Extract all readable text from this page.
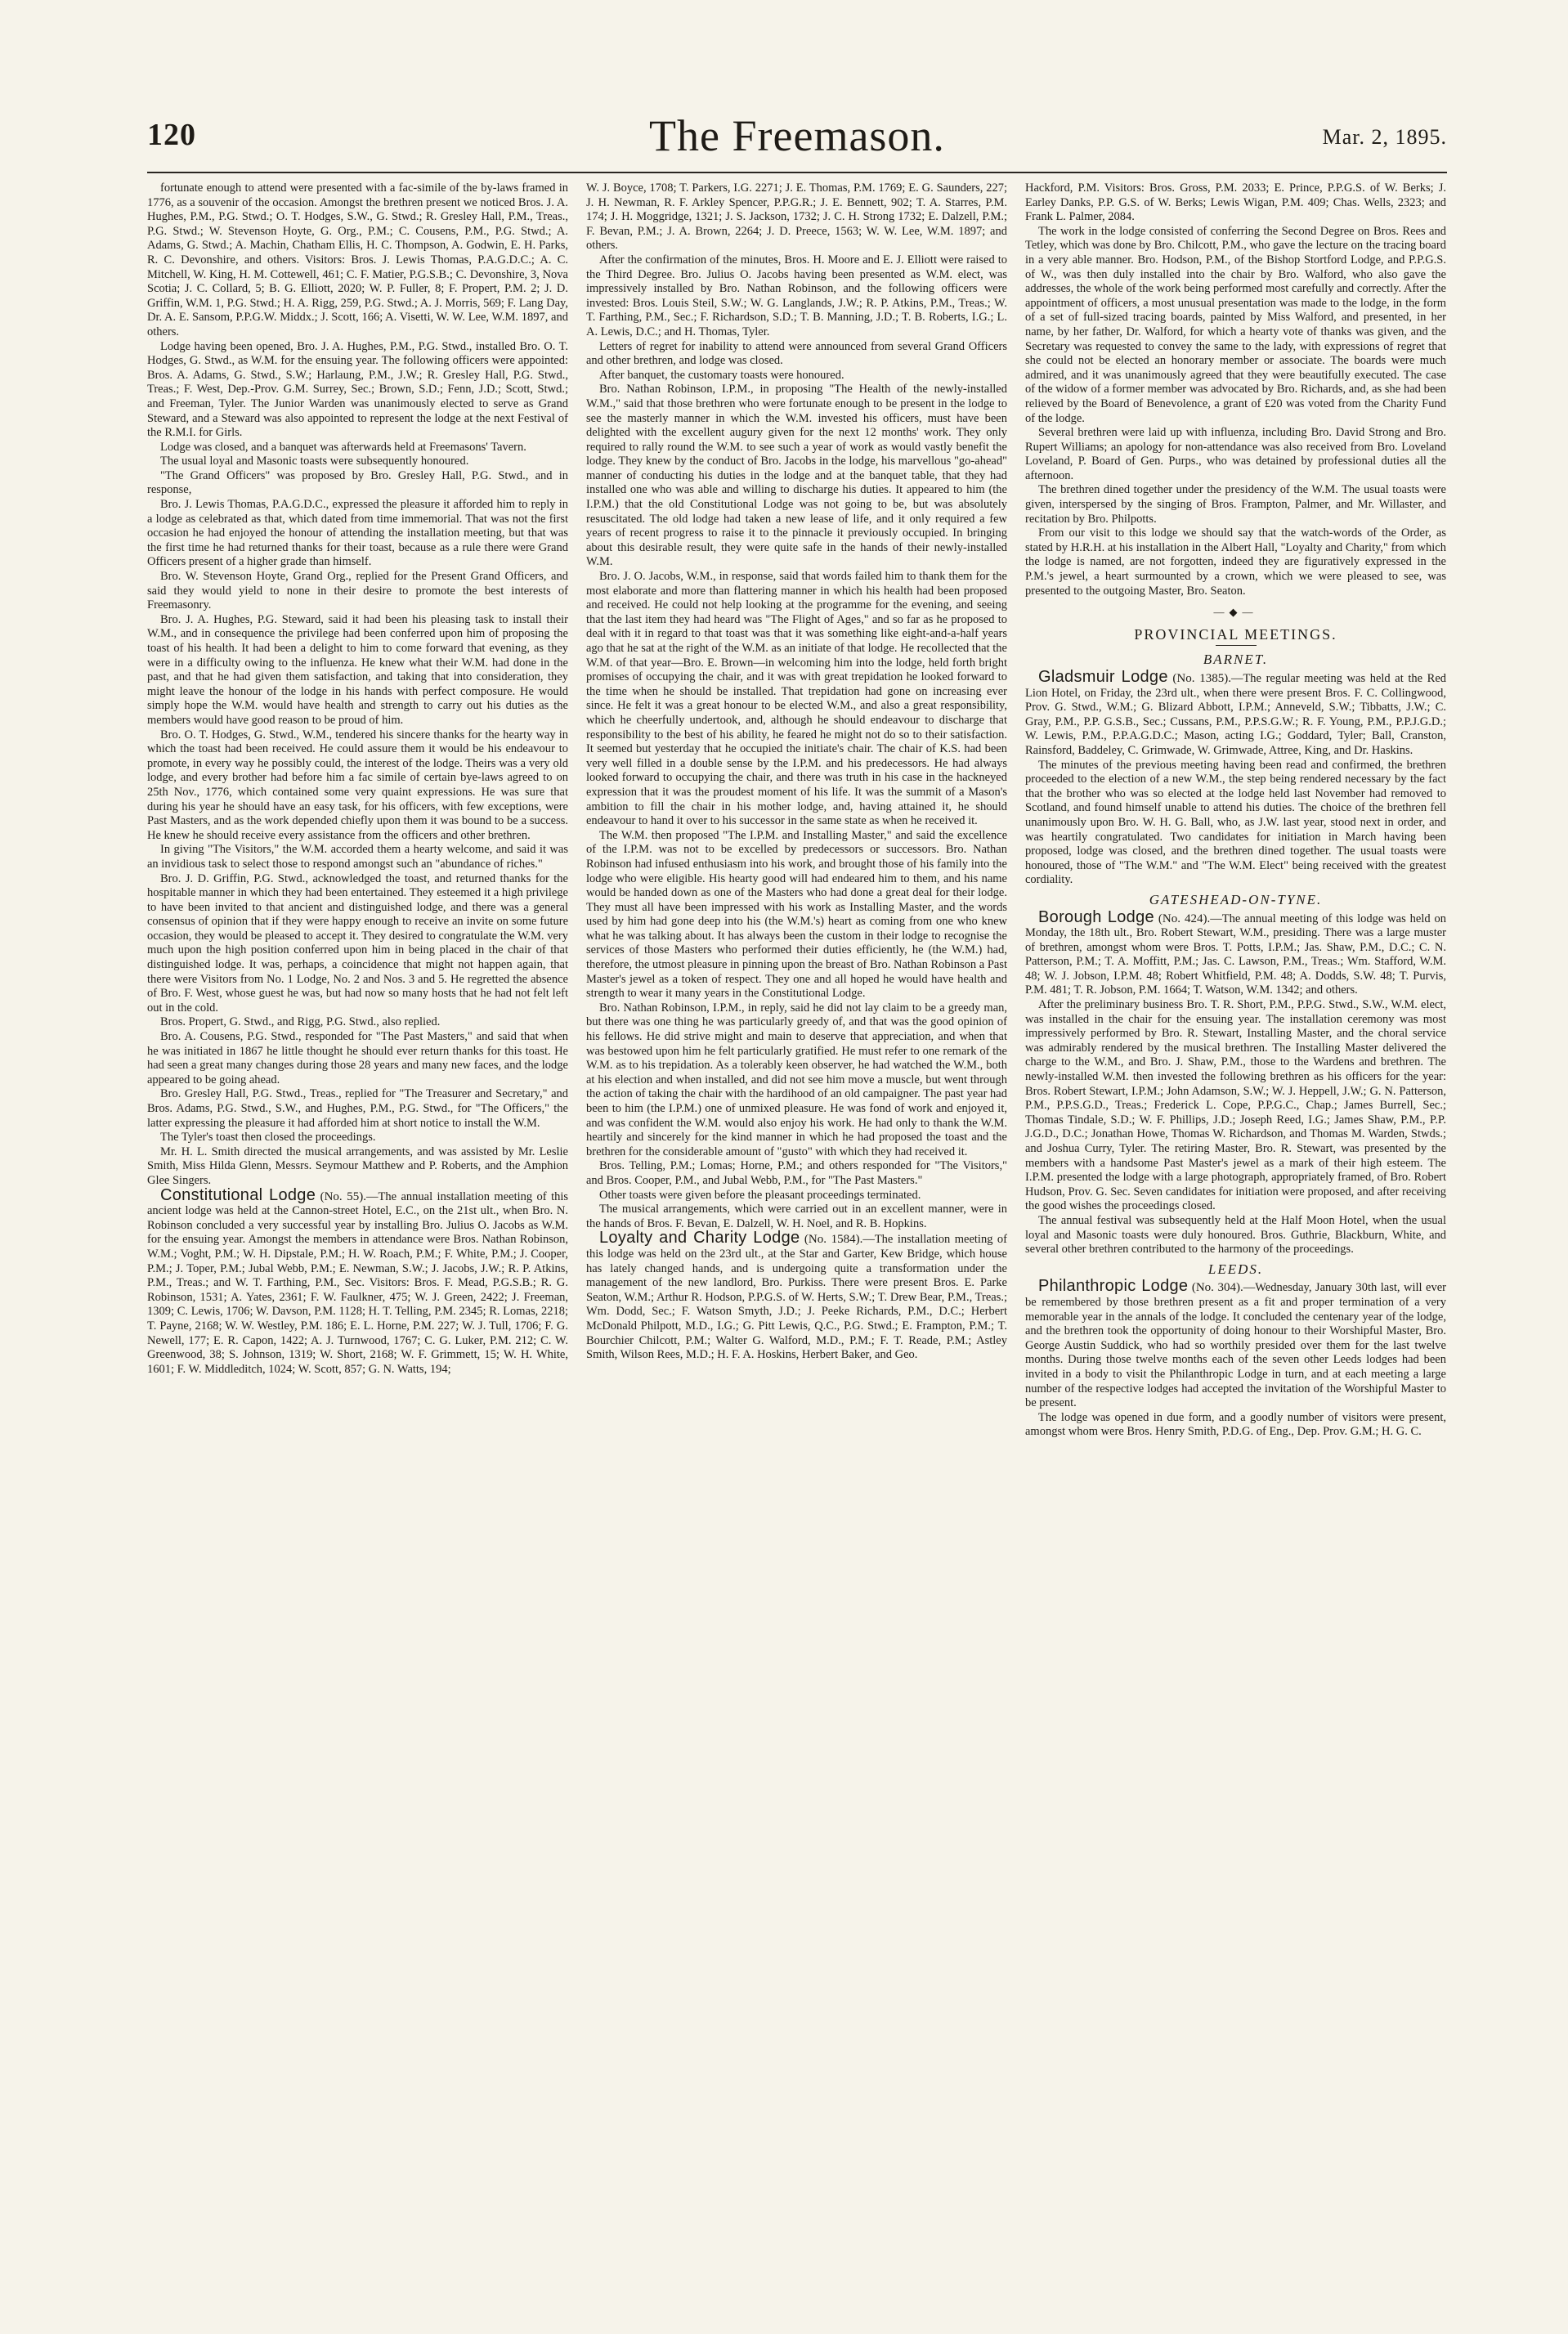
120	The Freemason.	Mar. 2, 1895.

fortunate enough to attend were presented with a fac-simile of the by-laws framed in 1776, as a souvenir of the occasion. Amongst the brethren present we noticed Bros. J. A. Hughes, P.M., P.G. Stwd.; O. T. Hodges, S.W., G. Stwd.; R. Gresley Hall, P.M., Treas., P.G. Stwd.; W. Stevenson Hoyte, G. Org., P.M.; C. Cousens, P.M., P.G. Stwd.; A. Adams, G. Stwd.; A. Machin, Chatham Ellis, H. C. Thompson, A. Godwin, E. H. Parks, R. C. Devonshire, and others. Visitors: Bros. J. Lewis Thomas, P.A.G.D.C.; A. C. Mitchell, W. King, H. M. Cottewell, 461; C. F. Matier, P.G.S.B.; C. Devonshire, 3, Nova Scotia; J. C. Collard, 5; B. G. Elliott, 2020; W. P. Fuller, 8; F. Propert, P.M. 2; J. D. Griffin, W.M. 1, P.G. Stwd.; H. A. Rigg, 259, P.G. Stwd.; A. J. Morris, 569; F. Lang Day, Dr. A. E. Sansom, P.P.G.W. Middx.; J. Scott, 166; A. Visetti, W. W. Lee, W.M. 1897, and others.

Lodge having been opened, Bro. J. A. Hughes, P.M., P.G. Stwd., installed Bro. O. T. Hodges, G. Stwd., as W.M. for the ensuing year. The following officers were appointed: Bros. A. Adams, G. Stwd., S.W.; Harlaung, P.M., J.W.; R. Gresley Hall, P.G. Stwd., Treas.; F. West, Dep.-Prov. G.M. Surrey, Sec.; Brown, S.D.; Fenn, J.D.; Scott, Stwd.; and Freeman, Tyler. The Junior Warden was unanimously elected to serve as Grand Steward, and a Steward was also appointed to represent the lodge at the next Festival of the R.M.I. for Girls.

Lodge was closed, and a banquet was afterwards held at Freemasons' Tavern.

The usual loyal and Masonic toasts were subsequently honoured.

"The Grand Officers" was proposed by Bro. Gresley Hall, P.G. Stwd., and in response,

Bro. J. Lewis Thomas, P.A.G.D.C., expressed the pleasure it afforded him to reply in a lodge as celebrated as that, which dated from time immemorial. That was not the first occasion he had enjoyed the honour of attending the installation meeting, but that was the first time he had returned thanks for their toast, because as a rule there were Grand Officers present of a higher grade than himself.

Bro. W. Stevenson Hoyte, Grand Org., replied for the Present Grand Officers, and said they would yield to none in their desire to promote the best interests of Freemasonry.

Bro. J. A. Hughes, P.G. Steward, said it had been his pleasing task to install their W.M., and in consequence the privilege had been conferred upon him of proposing the toast of his health. It had been a delight to him to come forward that evening, as they were in a difficulty owing to the influenza. He knew what their W.M. had done in the past, and that he had given them satisfaction, and taking that into consideration, they might leave the honour of the lodge in his hands with perfect composure. He would simply hope the W.M. would have health and strength to carry out his duties as the members would have good reason to be proud of him.

Bro. O. T. Hodges, G. Stwd., W.M., tendered his sincere thanks for the hearty way in which the toast had been received. He could assure them it would be his endeavour to promote, in every way he possibly could, the interest of the lodge. Theirs was a very old lodge, and every brother had before him a fac simile of certain bye-laws agreed to on 25th Nov., 1776, which contained some very quaint expressions. He was sure that during his year he should have an easy task, for his officers, with few exceptions, were Past Masters, and as the work depended chiefly upon them it was bound to be a success. He knew he should receive every assistance from the officers and other brethren.

In giving "The Visitors," the W.M. accorded them a hearty welcome, and said it was an invidious task to select those to respond amongst such an "abundance of riches."

Bro. J. D. Griffin, P.G. Stwd., acknowledged the toast, and returned thanks for the hospitable manner in which they had been entertained. They esteemed it a high privilege to have been invited to that ancient and distinguished lodge, and there was a general consensus of opinion that if they were happy enough to receive an invite on some future occasion, they would be pleased to accept it. They desired to congratulate the W.M. very much upon the high position conferred upon him in being placed in the chair of that distinguished lodge. It was, perhaps, a coincidence that might not happen again, that there were Visitors from No. 1 Lodge, No. 2 and Nos. 3 and 5. He regretted the absence of Bro. F. West, whose guest he was, but had now so many hosts that he had not felt left out in the cold.

Bros. Propert, G. Stwd., and Rigg, P.G. Stwd., also replied.

Bro. A. Cousens, P.G. Stwd., responded for "The Past Masters," and said that when he was initiated in 1867 he little thought he should ever return thanks for this toast. He had seen a great many changes during those 28 years and many new faces, and the lodge appeared to be going ahead.

Bro. Gresley Hall, P.G. Stwd., Treas., replied for "The Treasurer and Secretary," and Bros. Adams, P.G. Stwd., S.W., and Hughes, P.M., P.G. Stwd., for "The Officers," the latter expressing the pleasure it had afforded him at short notice to install the W.M.

The Tyler's toast then closed the proceedings.

Mr. H. L. Smith directed the musical arrangements, and was assisted by Mr. Leslie Smith, Miss Hilda Glenn, Messrs. Seymour Matthew and P. Roberts, and the Amphion Glee Singers.

Constitutional Lodge (No. 55).—The annual installation meeting of this ancient lodge was held at the Cannon-street Hotel, E.C., on the 21st ult., when Bro. N. Robinson concluded a very successful year by installing Bro. Julius O. Jacobs as W.M. for the ensuing year. Amongst the members in attendance were Bros. Nathan Robinson, W.M.; Voght, P.M.; W. H. Dipstale, P.M.; H. W. Roach, P.M.; F. White, P.M.; J. Cooper, P.M.; J. Toper, P.M.; Jubal Webb, P.M.; E. Newman, S.W.; J. Jacobs, J.W.; R. P. Atkins, P.M., Treas.; and W. T. Farthing, P.M., Sec. Visitors: Bros. F. Mead, P.G.S.B.; R. G. Robinson, 1531; A. Yates, 2361; F. W. Faulkner, 475; W. J. Green, 2422; J. Freeman, 1309; C. Lewis, 1706; W. Davson, P.M. 1128; H. T. Telling, P.M. 2345; R. Lomas, 2218; T. Payne, 2168; W. W. Westley, P.M. 186; E. L. Horne, P.M. 227; W. J. Tull, 1706; F. G. Newell, 177; E. R. Capon, 1422; A. J. Turnwood, 1767; C. G. Luker, P.M. 212; C. W. Greenwood, 38; S. Johnson, 1319; W. Short, 2168; W. F. Grimmett, 15; W. H. White, 1601; F. W. Middleditch, 1024; W. Scott, 857; G. N. Watts, 194;

W. J. Boyce, 1708; T. Parkers, I.G. 2271; J. E. Thomas, P.M. 1769; E. G. Saunders, 227; J. H. Newman, R. F. Arkley Spencer, P.P.G.R.; J. E. Bennett, 902; T. A. Starres, P.M. 174; J. H. Moggridge, 1321; J. S. Jackson, 1732; J. C. H. Strong 1732; E. Dalzell, P.M.; F. Bevan, P.M.; J. A. Brown, 2264; J. D. Preece, 1563; W. W. Lee, W.M. 1897; and others.

After the confirmation of the minutes, Bros. H. Moore and E. J. Elliott were raised to the Third Degree. Bro. Julius O. Jacobs having been presented as W.M. elect, was impressively installed by Bro. Nathan Robinson, and the following officers were invested: Bros. Louis Steil, S.W.; W. G. Langlands, J.W.; R. P. Atkins, P.M., Treas.; W. T. Farthing, P.M., Sec.; F. Richardson, S.D.; T. B. Manning, J.D.; T. B. Roberts, I.G.; L. A. Lewis, D.C.; and H. Thomas, Tyler.

Letters of regret for inability to attend were announced from several Grand Officers and other brethren, and lodge was closed.

After banquet, the customary toasts were honoured.

Bro. Nathan Robinson, I.P.M., in proposing "The Health of the newly-installed W.M.," said that those brethren who were fortunate enough to be present in the lodge to see the masterly manner in which the W.M. invested his officers, must have been delighted with the excellent augury given for the next 12 months' work. They only required to rally round the W.M. to see such a year of work as would vastly benefit the lodge. They knew by the conduct of Bro. Jacobs in the lodge, his marvellous "go-ahead" manner of conducting his duties in the lodge and at the banquet table, that they had installed one who was able and willing to discharge his duties. It appeared to him (the I.P.M.) that the old Constitutional Lodge was not going to be, but was absolutely resuscitated. The old lodge had taken a new lease of life, and it only required a few years of recent progress to raise it to the pinnacle it previously occupied. In bringing about this desirable result, they were quite safe in the hands of their newly-installed W.M.

Bro. J. O. Jacobs, W.M., in response, said that words failed him to thank them for the most elaborate and more than flattering manner in which his health had been proposed and received. He could not help looking at the programme for the evening, and seeing that the last item they had heard was "The Flight of Ages," and so far as he proposed to deal with it in regard to that toast was that it was something like eight-and-a-half years ago that he sat at the right of the W.M. as an initiate of that lodge. He recollected that the W.M. of that year—Bro. E. Brown—in welcoming him into the lodge, held forth bright promises of occupying the chair, and it was with great trepidation he looked forward to the time when he should be installed. That trepidation had gone on increasing ever since. He felt it was a great honour to be elected W.M., and also a great responsibility, which he cheerfully undertook, and, although he should endeavour to discharge that responsibility to the best of his ability, he feared he might not do so to their satisfaction. It seemed but yesterday that he occupied the initiate's chair. The chair of K.S. had been very well filled in a double sense by the I.P.M. and his predecessors. He had always looked forward to occupying the chair, and there was truth in his case in the hackneyed expression that it was the proudest moment of his life. It was the summit of a Mason's ambition to fill the chair in his mother lodge, and, having attained it, he should endeavour to hand it over to his successor in the same state as when he received it.

The W.M. then proposed "The I.P.M. and Installing Master," and said the excellence of the I.P.M. was not to be excelled by predecessors or successors. Bro. Nathan Robinson had infused enthusiasm into his work, and brought those of his family into the lodge who were eligible. His hearty good will had endeared him to them, and his name would be handed down as one of the Masters who had done a great deal for their lodge. They must all have been impressed with his work as Installing Master, and the words used by him had gone deep into his (the W.M.'s) heart as coming from one who knew what he was talking about. It has always been the custom in their lodge to recognise the services of those Masters who performed their duties efficiently, he (the W.M.) had, therefore, the utmost pleasure in pinning upon the breast of Bro. Nathan Robinson a Past Master's jewel as a token of respect. They one and all hoped he would have health and strength to wear it many years in the Constitutional Lodge.

Bro. Nathan Robinson, I.P.M., in reply, said he did not lay claim to be a greedy man, but there was one thing he was particularly greedy of, and that was the good opinion of his fellows. He did strive might and main to deserve that appreciation, and when that was bestowed upon him he felt particularly gratified. He must refer to one remark of the W.M. as to his trepidation. As a tolerably keen observer, he had watched the W.M., both at his election and when installed, and did not see him move a muscle, but went through the action of taking the chair with the hardihood of an old campaigner. The past year had been to him (the I.P.M.) one of unmixed pleasure. He was fond of work and enjoyed it, and was confident the W.M. would also enjoy his work. He had only to thank the W.M. heartily and sincerely for the kind manner in which he had proposed the toast and the brethren for the considerable amount of "gusto" with which they had received it.

Bros. Telling, P.M.; Lomas; Horne, P.M.; and others responded for "The Visitors," and Bros. Cooper, P.M., and Jubal Webb, P.M., for "The Past Masters."

Other toasts were given before the pleasant proceedings terminated.

The musical arrangements, which were carried out in an excellent manner, were in the hands of Bros. F. Bevan, E. Dalzell, W. H. Noel, and R. B. Hopkins.

Loyalty and Charity Lodge (No. 1584).—The installation meeting of this lodge was held on the 23rd ult., at the Star and Garter, Kew Bridge, which house has lately changed hands, and is undergoing quite a transformation under the management of the new landlord, Bro. Purkiss. There were present Bros. E. Parke Seaton, W.M.; Arthur R. Hodson, P.P.G.S. of W. Herts, S.W.; T. Drew Bear, P.M., Treas.; Wm. Dodd, Sec.; F. Watson Smyth, J.D.; J. Peeke Richards, P.M., D.C.; Herbert McDonald Philpott, M.D., I.G.; G. Pitt Lewis, Q.C., P.G. Stwd.; E. Frampton, P.M.; T. Bourchier Chilcott, P.M.; Walter G. Walford, M.D., P.M.; F. T. Reade, P.M.; Astley Smith, Wilson Rees, M.D.; H. F. A. Hoskins, Herbert Baker, and Geo.

Hackford, P.M. Visitors: Bros. Gross, P.M. 2033; E. Prince, P.P.G.S. of W. Berks; J. Earley Danks, P.P. G.S. of W. Berks; Lewis Wigan, P.M. 409; Chas. Wells, 2323; and Frank L. Palmer, 2084.

The work in the lodge consisted of conferring the Second Degree on Bros. Rees and Tetley, which was done by Bro. Chilcott, P.M., who gave the lecture on the tracing board in a very able manner. Bro. Hodson, P.M., of the Bishop Stortford Lodge, and P.P.G.S. of W., was then duly installed into the chair by Bro. Walford, who also gave the addresses, the whole of the work being performed most carefully and correctly. After the appointment of officers, a most unusual presentation was made to the lodge, in the form of a set of full-sized tracing boards, painted by Miss Walford, and presented, in her name, by her father, Dr. Walford, for which a hearty vote of thanks was given, and the Secretary was requested to convey the same to the lady, with expressions of regret that she could not be elected an honorary member or associate. The boards were much admired, and it was unanimously agreed that they were beautifully executed. The case of the widow of a former member was advocated by Bro. Richards, and, as she had been relieved by the Board of Benevolence, a grant of £20 was voted from the Charity Fund of the lodge.

Several brethren were laid up with influenza, including Bro. David Strong and Bro. Rupert Williams; an apology for non-attendance was also received from Bro. Loveland Loveland, P. Board of Gen. Purps., who was detained by professional duties all the afternoon.

The brethren dined together under the presidency of the W.M. The usual toasts were given, interspersed by the singing of Bros. Frampton, Palmer, and Mr. Willaster, and recitation by Bro. Philpotts.

From our visit to this lodge we should say that the watch-words of the Order, as stated by H.R.H. at his installation in the Albert Hall, "Loyalty and Charity," from which the lodge is named, are not forgotten, indeed they are figuratively expressed in the P.M.'s jewel, a heart surmounted by a crown, which we were pleased to see, was presented to the outgoing Master, Bro. Seaton.

—◆—
PROVINCIAL MEETINGS.
BARNET.

Gladsmuir Lodge (No. 1385).—The regular meeting was held at the Red Lion Hotel, on Friday, the 23rd ult., when there were present Bros. F. C. Collingwood, Prov. G. Stwd., W.M.; G. Blizard Abbott, I.P.M.; Anneveld, S.W.; Tibbatts, J.W.; C. Gray, P.M., P.P. G.S.B., Sec.; Cussans, P.M., P.P.S.G.W.; R. F. Young, P.M., P.P.J.G.D.; W. Lewis, P.M., P.P.A.G.D.C.; Mason, acting I.G.; Goddard, Tyler; Ball, Cranston, Rainsford, Baddeley, C. Grimwade, W. Grimwade, Attree, King, and Dr. Haskins.

The minutes of the previous meeting having been read and confirmed, the brethren proceeded to the election of a new W.M., the step being rendered necessary by the fact that the brother who was so elected at the lodge held last November had removed to Scotland, and found himself unable to attend his duties. The choice of the brethren fell unanimously upon Bro. W. H. G. Ball, who, as J.W. last year, stood next in order, and was heartily congratulated. Two candidates for initiation in March having been proposed, lodge was closed, and the brethren dined together. The usual toasts were honoured, those of "The W.M." and "The W.M. Elect" being received with the greatest cordiality.

GATESHEAD-ON-TYNE.

Borough Lodge (No. 424).—The annual meeting of this lodge was held on Monday, the 18th ult., Bro. Robert Stewart, W.M., presiding. There was a large muster of brethren, amongst whom were Bros. T. Potts, I.P.M.; Jas. Shaw, P.M., D.C.; C. N. Patterson, P.M.; T. A. Moffitt, P.M.; Jas. C. Lawson, P.M., Treas.; Wm. Stafford, W.M. 48; W. J. Jobson, I.P.M. 48; Robert Whitfield, P.M. 48; A. Dodds, S.W. 48; T. Purvis, P.M. 481; T. R. Jobson, P.M. 1664; T. Watson, W.M. 1342; and others.

After the preliminary business Bro. T. R. Short, P.M., P.P.G. Stwd., S.W., W.M. elect, was installed in the chair for the ensuing year. The installation ceremony was most impressively performed by Bro. R. Stewart, Installing Master, and the choral service was admirably rendered by the musical brethren. The Installing Master delivered the charge to the W.M., and Bro. J. Shaw, P.M., those to the Wardens and brethren. The newly-installed W.M. then invested the following brethren as his officers for the year: Bros. Robert Stewart, I.P.M.; John Adamson, S.W.; W. J. Heppell, J.W.; G. N. Patterson, P.M., P.P.S.G.D., Treas.; Frederick L. Cope, P.P.G.C., Chap.; James Burrell, Sec.; Thomas Tindale, S.D.; W. F. Phillips, J.D.; Joseph Reed, I.G.; James Shaw, P.M., P.P. J.G.D., D.C.; Jonathan Howe, Thomas W. Richardson, and Thomas M. Warden, Stwds.; and Joshua Curry, Tyler. The retiring Master, Bro. R. Stewart, was presented by the members with a handsome Past Master's jewel as a mark of their high esteem. The I.P.M. presented the lodge with a large photograph, appropriately framed, of Bro. Robert Hudson, Prov. G. Sec. Seven candidates for initiation were proposed, and after receiving the good wishes the proceedings closed.

The annual festival was subsequently held at the Half Moon Hotel, when the usual loyal and Masonic toasts were duly honoured. Bros. Guthrie, Blackburn, White, and several other brethren contributed to the harmony of the proceedings.

LEEDS.

Philanthropic Lodge (No. 304).—Wednesday, January 30th last, will ever be remembered by those brethren present as a fit and proper termination of a very memorable year in the annals of the lodge. It concluded the centenary year of the lodge, and the brethren took the opportunity of doing honour to their Worshipful Master, Bro. George Austin Suddick, who had so worthily presided over them for the last twelve months. During those twelve months each of the seven other Leeds lodges had been invited in a body to visit the Philanthropic Lodge in turn, and at each meeting a large number of the respective lodges had accepted the invitation of the Worshipful Master to be present.

The lodge was opened in due form, and a goodly number of visitors were present, amongst whom were Bros. Henry Smith, P.D.G. of Eng., Dep. Prov. G.M.; H. G. C.
